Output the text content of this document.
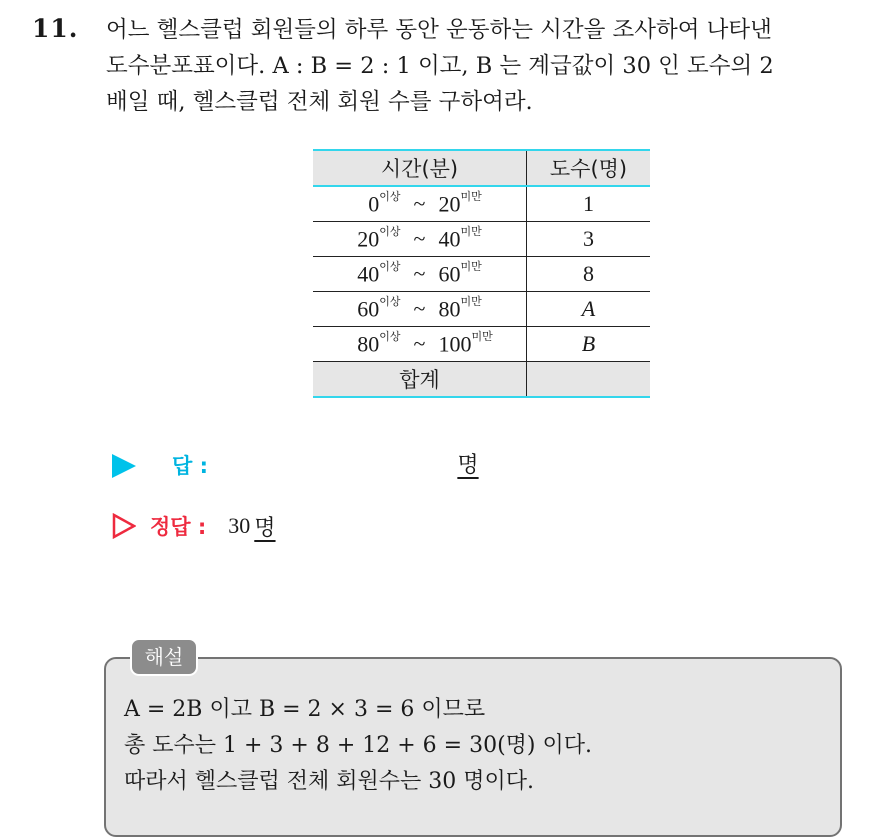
11. 어느 헬스클럽 회원들의 하루 동안 운동하는 시간을 조사하여 나타낸

도수분포표이다. A : B = 2 : 1 이고, B 는 계급값이 30 인 도수의 2

배일 때, 헬스클럽 전체 회원 수를 구하여라.

시간(분)	도수(명)

$0^{이상}$ ~ $20^{미만}$	1

$20^{이상}$ ~ $40^{미만}$	3

$40^{이상}$ ~ $60^{미만}$	8

$60^{이상}$ ~ $80^{미만}$	A

$80^{이상}$ ~ $100^{미만}$	B
합계	
답 :	명
정답 : 30 명
해설

A = 2B 이고 B = 2 × 3 = 6 이므로

총 도수는 1 + 3 + 8 + 12 + 6 = 30(명) 이다.

따라서 헬스클럽 전체 회원수는 30 명이다.
